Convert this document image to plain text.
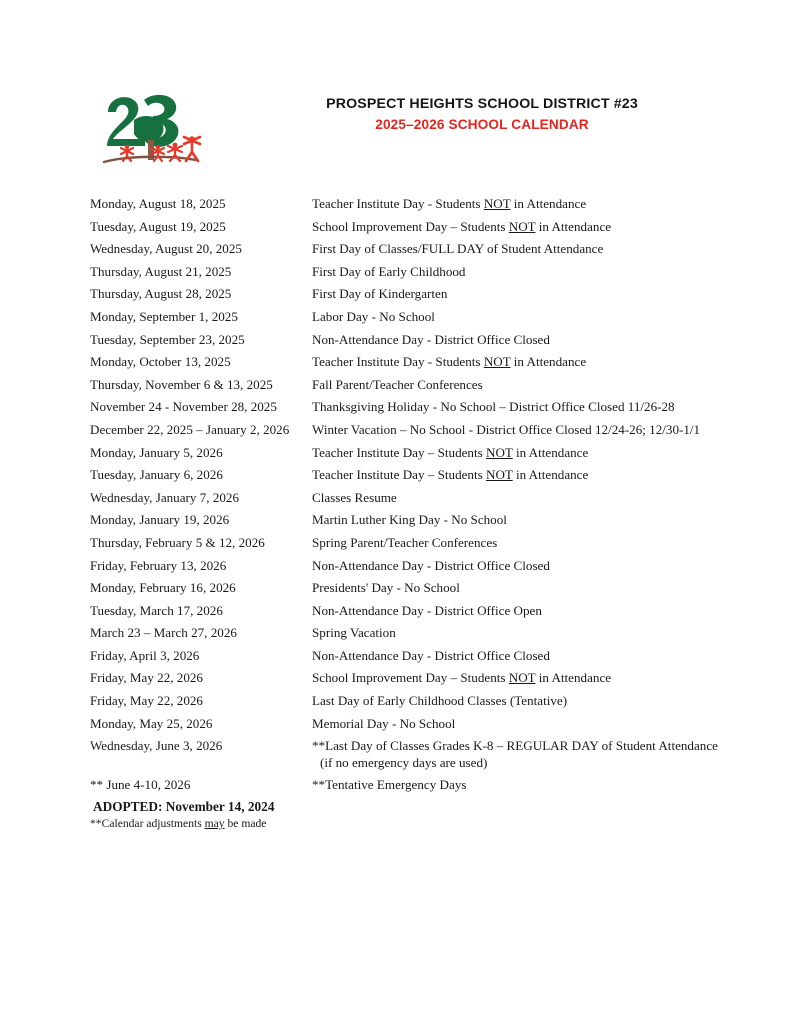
PROSPECT HEIGHTS SCHOOL DISTRICT #23
2025–2026 SCHOOL CALENDAR
Monday, August 18, 2025	Teacher Institute Day - Students NOT in Attendance
Tuesday, August 19, 2025	School Improvement Day – Students NOT in Attendance
Wednesday, August 20, 2025	First Day of Classes/FULL DAY of Student Attendance
Thursday, August 21, 2025	First Day of Early Childhood
Thursday, August 28, 2025	First Day of Kindergarten
Monday, September 1, 2025	Labor Day - No School
Tuesday, September 23, 2025	Non-Attendance Day - District Office Closed
Monday, October 13, 2025	Teacher Institute Day - Students NOT in Attendance
Thursday, November 6 & 13, 2025	Fall Parent/Teacher Conferences
November 24 - November 28, 2025	Thanksgiving Holiday - No School – District Office Closed 11/26-28
December 22, 2025 – January 2, 2026 Winter Vacation – No School - District Office Closed 12/24-26; 12/30-1/1
Monday, January 5, 2026	Teacher Institute Day – Students NOT in Attendance
Tuesday, January 6, 2026	Teacher Institute Day – Students NOT in Attendance
Wednesday, January 7, 2026	Classes Resume
Monday, January 19, 2026	Martin Luther King Day - No School
Thursday, February 5 & 12, 2026	Spring Parent/Teacher Conferences
Friday, February 13, 2026	Non-Attendance Day - District Office Closed
Monday, February 16, 2026	Presidents' Day - No School
Tuesday, March 17, 2026	Non-Attendance Day - District Office Open
March 23 – March 27, 2026	Spring Vacation
Friday, April 3, 2026	Non-Attendance Day - District Office Closed
Friday, May 22, 2026	School Improvement Day – Students NOT in Attendance
Friday, May 22, 2026	Last Day of Early Childhood Classes (Tentative)
Monday, May 25, 2026	Memorial Day - No School
Wednesday, June 3, 2026	**Last Day of Classes Grades K-8 – REGULAR DAY of Student Attendance
(if no emergency days are used)
** June 4-10, 2026	**Tentative Emergency Days
ADOPTED: November 14, 2024
**Calendar adjustments may be made
